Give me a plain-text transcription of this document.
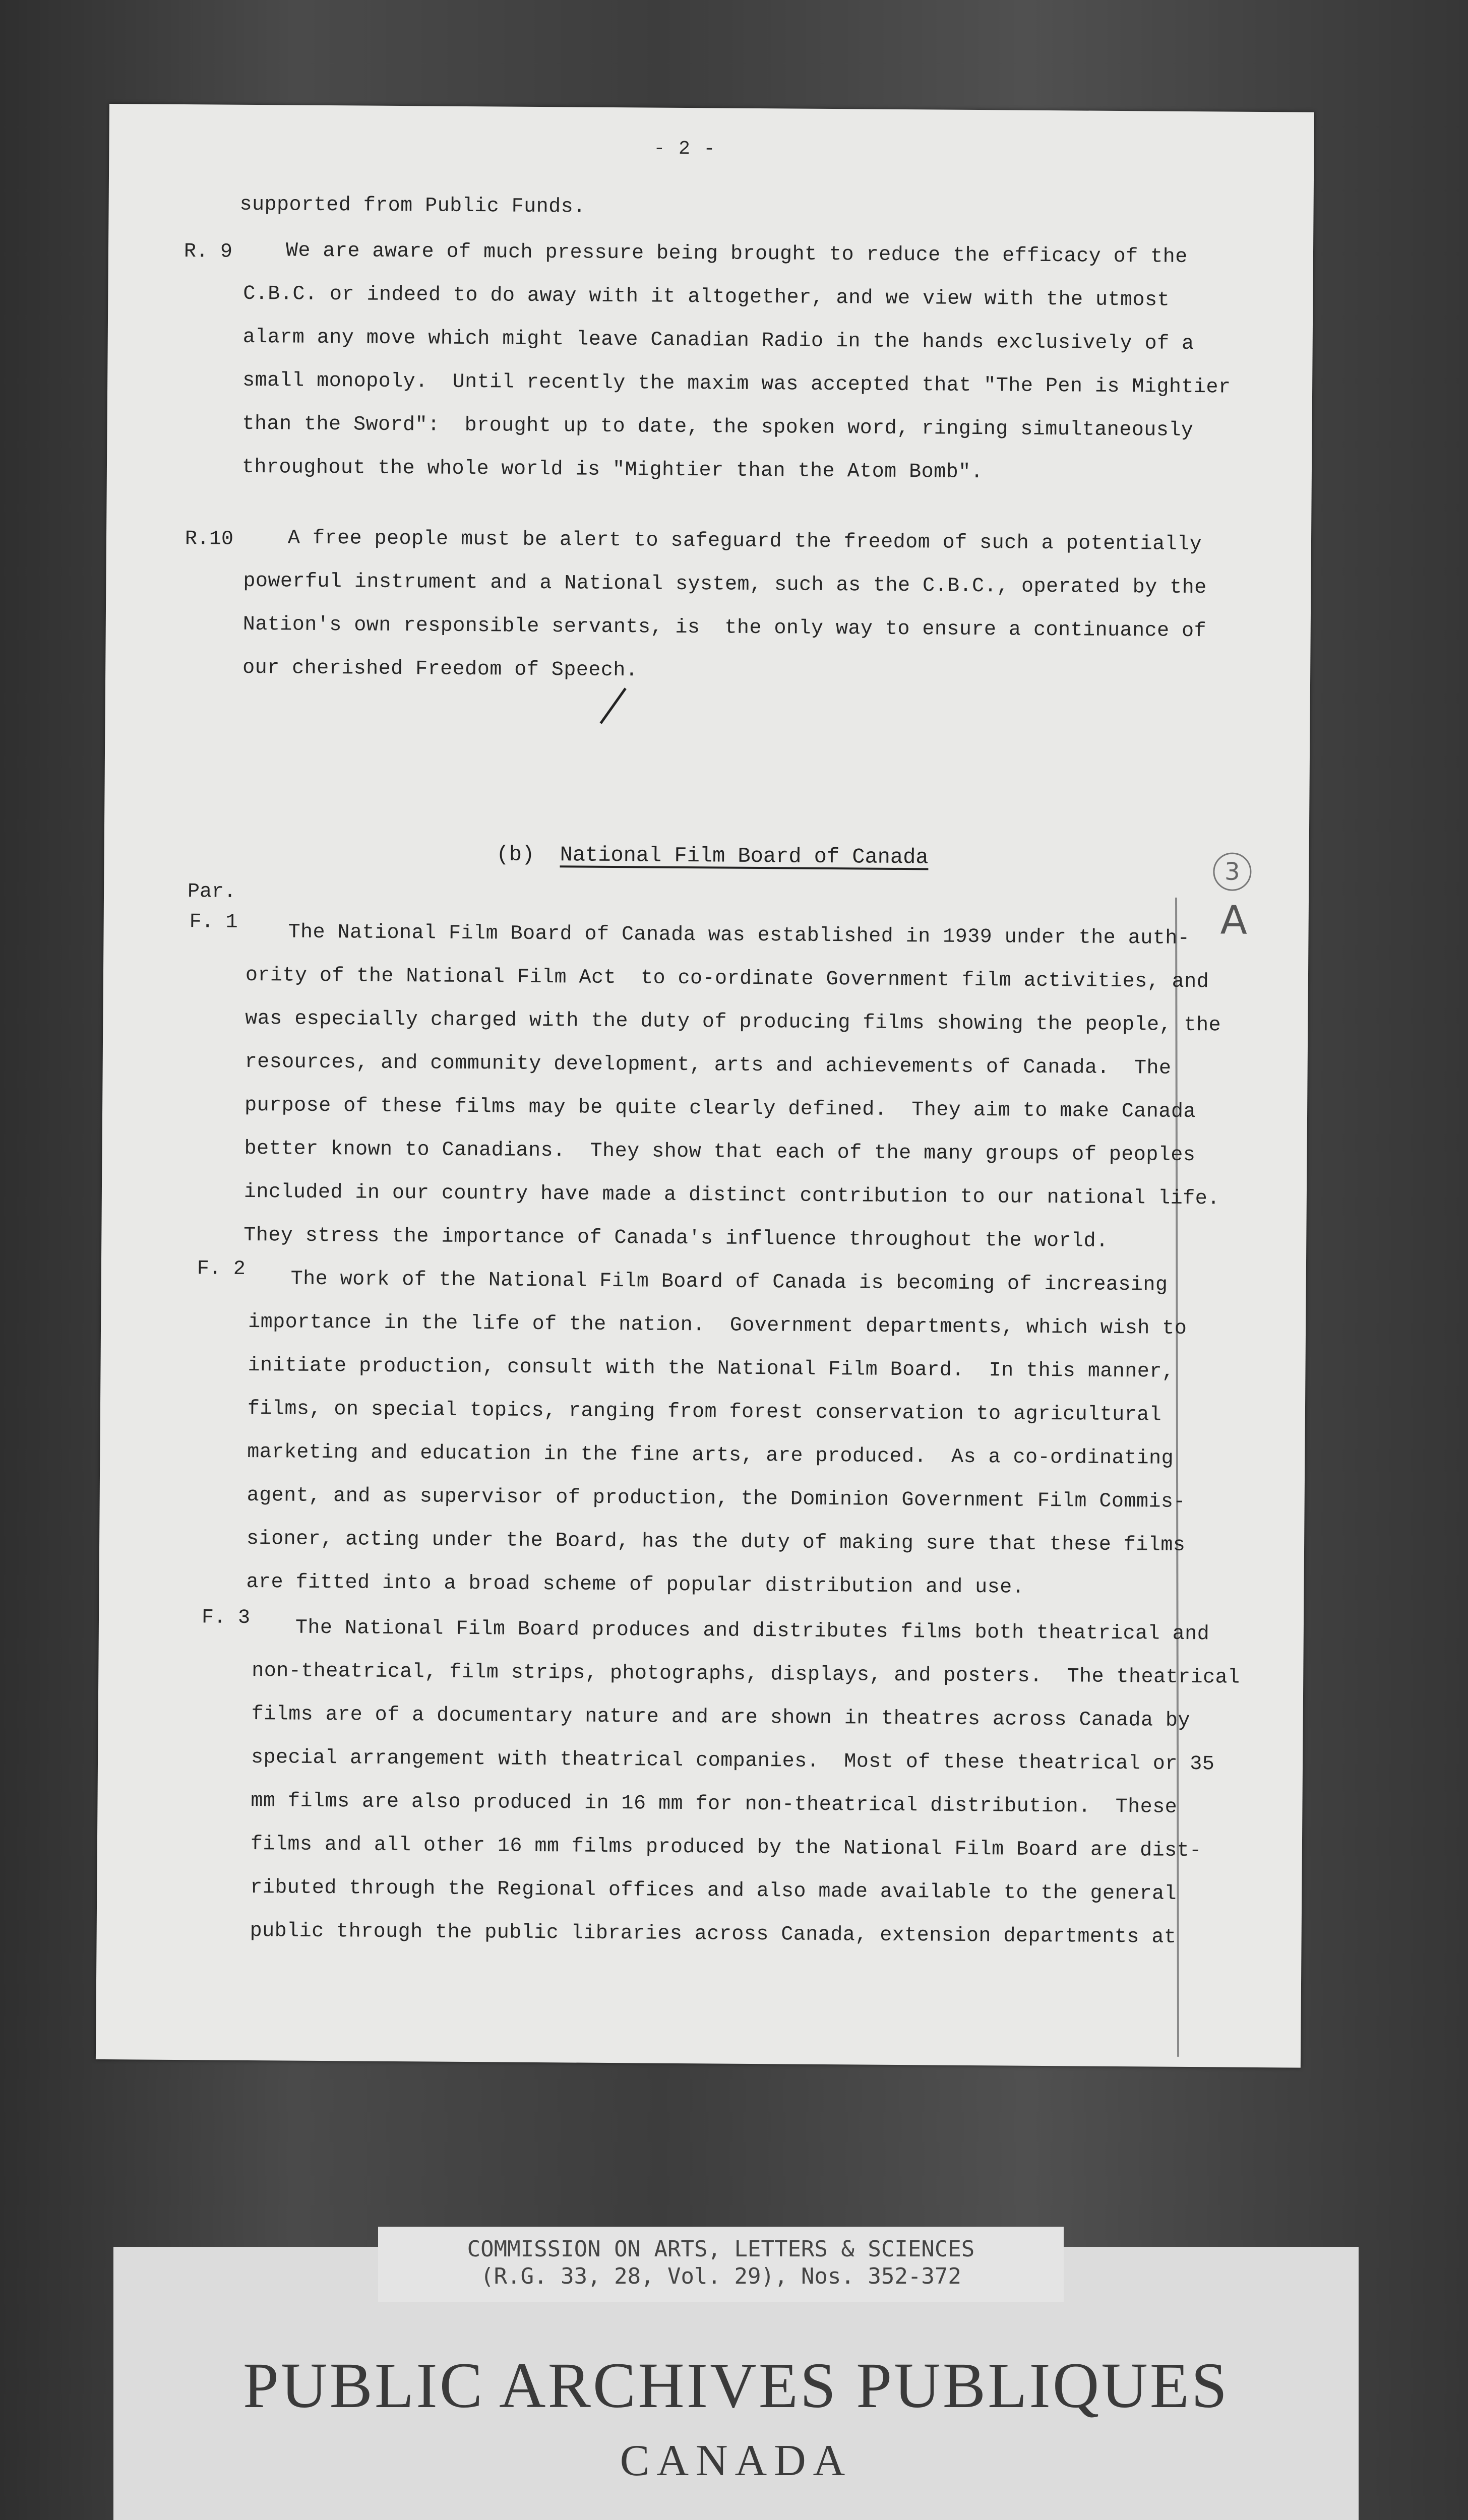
- 2 -
supported from Public Funds.
R. 9	We are aware of much pressure being brought to reduce the efficacy of the
C.B.C. or indeed to do away with it altogether, and we view with the utmost
alarm any move which might leave Canadian Radio in the hands exclusively of a
small monopoly.  Until recently the maxim was accepted that "The Pen is Mightier
than the Sword":  brought up to date, the spoken word, ringing simultaneously
throughout the whole world is "Mightier than the Atom Bomb".
R.10	A free people must be alert to safeguard the freedom of such a potentially
powerful instrument and a National system, such as the C.B.C., operated by the
Nation's own responsible servants, is  the only way to ensure a continuance of
our cherished Freedom of Speech.
(b) National Film Board of Canada
3
A
Par.
F. 1 The National Film Board of Canada was established in 1939 under the auth-
ority of the National Film Act  to co-ordinate Government film activities, and
was especially charged with the duty of producing films showing the people, the
resources, and community development, arts and achievements of Canada.  The
purpose of these films may be quite clearly defined.  They aim to make Canada
better known to Canadians.  They show that each of the many groups of peoples
included in our country have made a distinct contribution to our national life.
They stress the importance of Canada's influence throughout the world.
F. 2 The work of the National Film Board of Canada is becoming of increasing
importance in the life of the nation.  Government departments, which wish to
initiate production, consult with the National Film Board.  In this manner,
films, on special topics, ranging from forest conservation to agricultural
marketing and education in the fine arts, are produced.  As a co-ordinating
agent, and as supervisor of production, the Dominion Government Film Commis-
sioner, acting under the Board, has the duty of making sure that these films
are fitted into a broad scheme of popular distribution and use.
F. 3 The National Film Board produces and distributes films both theatrical and
non-theatrical, film strips, photographs, displays, and posters.  The theatrical
films are of a documentary nature and are shown in theatres across Canada by
special arrangement with theatrical companies.  Most of these theatrical or 35
mm films are also produced in 16 mm for non-theatrical distribution.  These
films and all other 16 mm films produced by the National Film Board are dist-
ributed through the Regional offices and also made available to the general
public through the public libraries across Canada, extension departments at
COMMISSION ON ARTS, LETTERS & SCIENCES
(R.G. 33, 28, Vol. 29), Nos. 352-372
PUBLIC ARCHIVES PUBLIQUES
CANADA
